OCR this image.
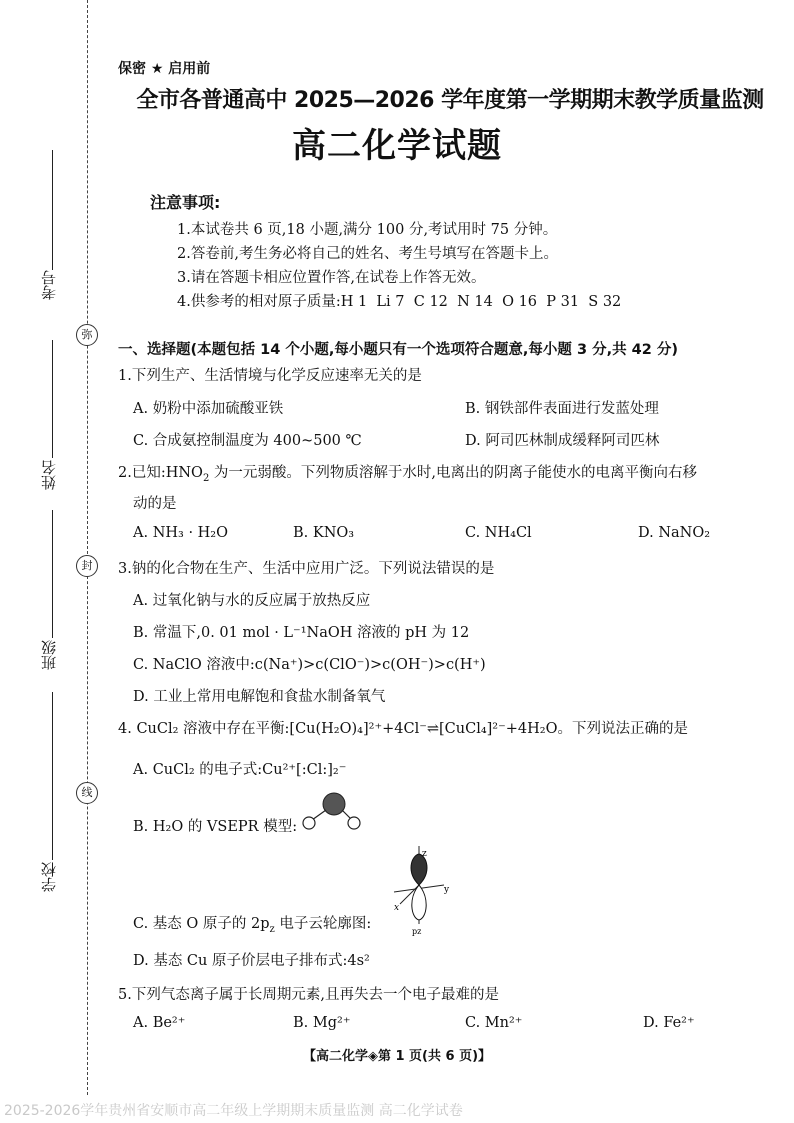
考号
弥
姓名
封
班级
线
学校
保密 ★ 启用前
全市各普通高中 2025—2026 学年度第一学期期末教学质量监测
高二化学试题
注意事项:
1.本试卷共 6 页,18 小题,满分 100 分,考试用时 75 分钟。
2.答卷前,考生务必将自己的姓名、考生号填写在答题卡上。
3.请在答题卡相应位置作答,在试卷上作答无效。
4.供参考的相对原子质量:H 1  Li 7  C 12  N 14  O 16  P 31  S 32
一、选择题(本题包括 14 个小题,每小题只有一个选项符合题意,每小题 3 分,共 42 分)
1.下列生产、生活情境与化学反应速率无关的是
A. 奶粉中添加硫酸亚铁	B. 钢铁部件表面进行发蓝处理
C. 合成氨控制温度为 400~500 ℃	D. 阿司匹林制成缓释阿司匹林
2.已知$:HNO_2$ 为一元弱酸。下列物质溶解于水时,电离出的阴离子能使水的电离平衡向右移
动的是
A. NH₃ · H₂O	B. KNO₃	C. NH₄Cl	D. NaNO₂
3.钠的化合物在生产、生活中应用广泛。下列说法错误的是
A. 过氧化钠与水的反应属于放热反应
B. 常温下,0. 01 mol · L⁻¹NaOH 溶液的 pH 为 12
C. NaClO 溶液中:c(Na⁺)>c(ClO⁻)>c(OH⁻)>c(H⁺)
D. 工业上常用电解饱和食盐水制备氧气
4. CuCl₂ 溶液中存在平衡:[Cu(H₂O)₄]²⁺+4Cl⁻⇌[CuCl₄]²⁻+4H₂O。下列说法正确的是
A. CuCl₂ 的电子式:Cu²⁺[:Cl:]₂⁻
B. H₂O 的 VSEPR 模型:
z
y
x
pz
C. 基态 O 原子的 $2p_z$ 电子云轮廓图:
D. 基态 Cu 原子价层电子排布式:4s²
5.下列气态离子属于长周期元素,且再失去一个电子最难的是
A. Be²⁺	B. Mg²⁺	C. Mn²⁺	D. Fe²⁺
【高二化学◈第 1 页(共 6 页)】
2025-2026学年贵州省安顺市高二年级上学期期末质量监测 高二化学试卷
